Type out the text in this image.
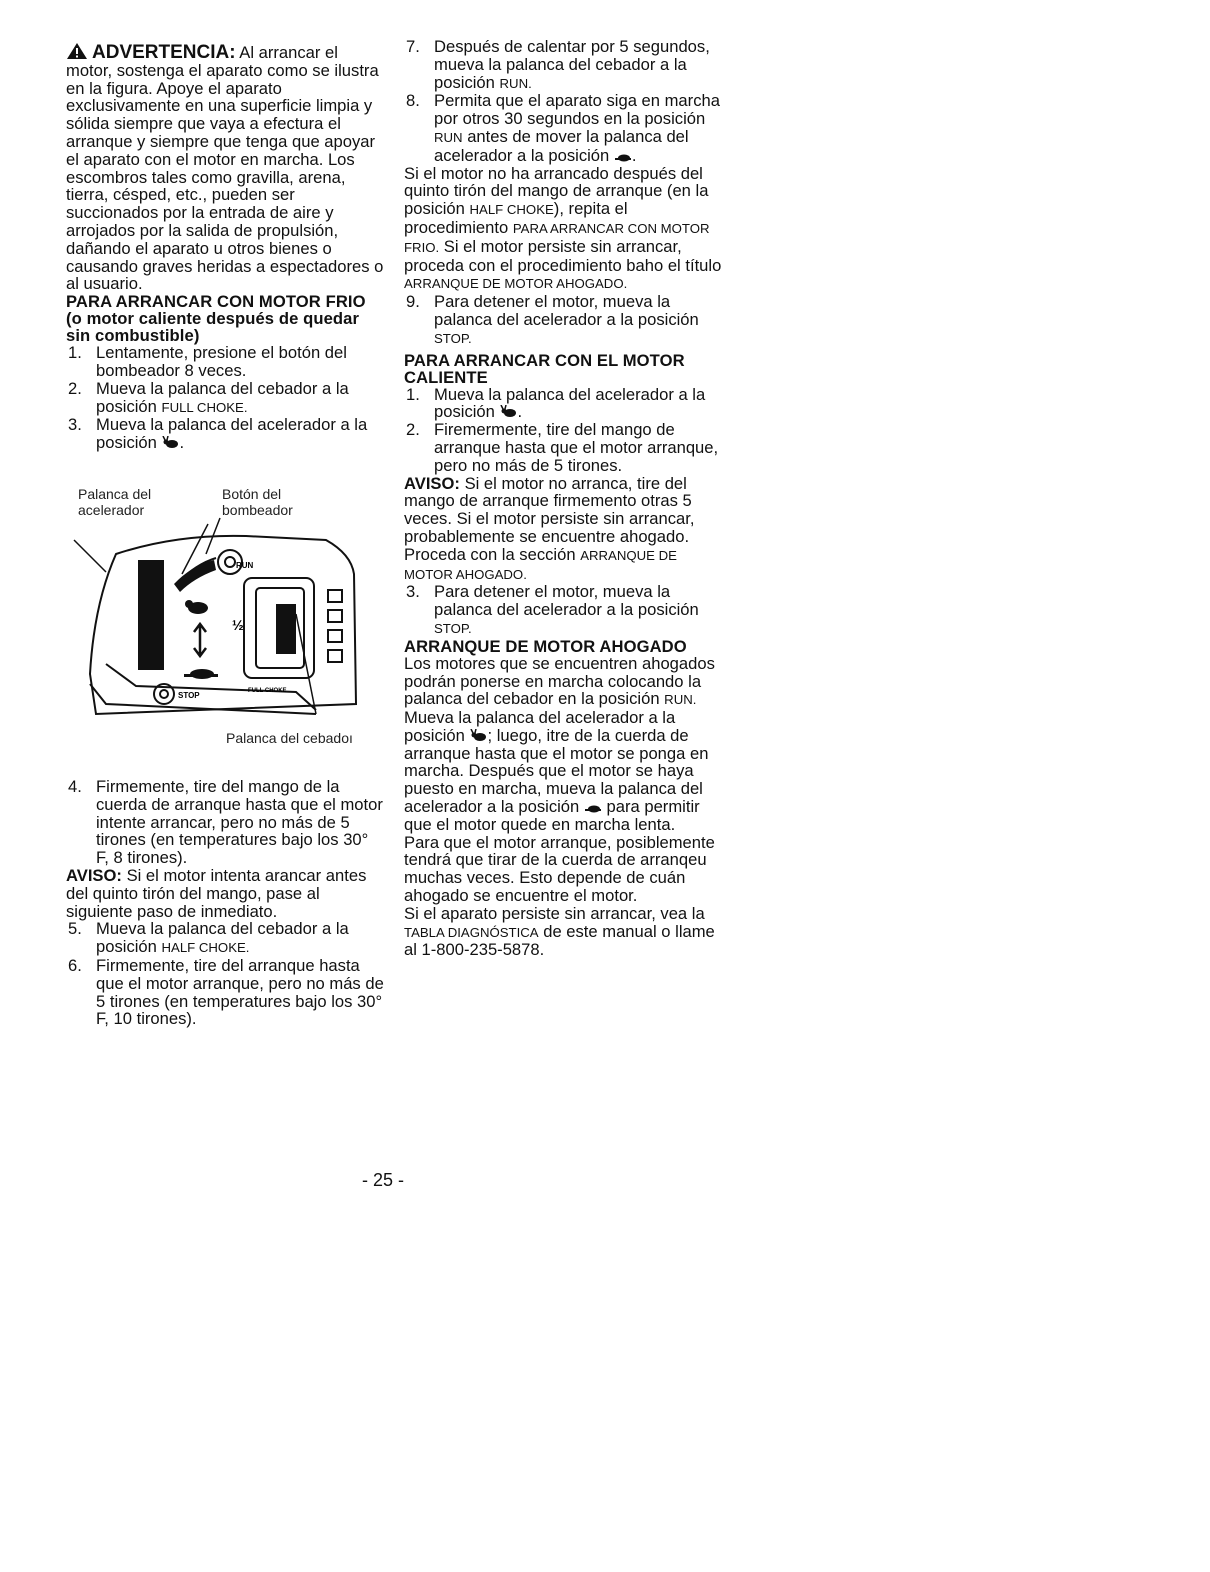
ADVERTENCIA: Al arrancar el motor, sostenga el aparato como se ilustra en la figura. Apoye el aparato exclusivamente en una superficie limpia y sólida siempre que vaya a efectura el arranque y siempre que tenga que apoyar el aparato con el motor en marcha. Los escombros tales como gravilla, arena, tierra, césped, etc., pueden ser succionados por la entrada de aire y arrojados por la salida de propulsión, dañando el aparato u otros bienes o causando graves heridas a espectadores o al usuario.

PARA ARRANCAR CON MOTOR FRIO (o motor caliente después de quedar sin combustible)
1. Lentamente, presione el botón del bombeador 8 veces.
2. Mueva la palanca del cebador a la posición FULL CHOKE.
3. Mueva la palanca del acelerador a la posición .
Palanca del
acelerador
Botón del
bombeador
RUN
STOP
½
FULL CHOKE
Palanca del cebadoı
4. Firmemente, tire del mango de la cuerda de arranque hasta que el motor intente arrancar, pero no más de 5 tirones (en temperatures bajo los 30° F, 8 tirones).

AVISO: Si el motor intenta arancar antes del quinto tirón del mango, pase al siguiente paso de inmediato.

5. Mueva la palanca del cebador a la posición HALF CHOKE.
6. Firmemente, tire del arranque hasta que el motor arranque, pero no más de 5 tirones (en temperatures bajo los 30° F, 10 tirones).
7. Después de calentar por 5 segundos, mueva la palanca del cebador a la posición RUN.
8. Permita que el aparato siga en marcha por otros 30 segundos en la posición RUN antes de mover la palanca del acelerador a la posición .

Si el motor no ha arrancado después del quinto tirón del mango de arranque (en la posición HALF CHOKE), repita el procedimiento PARA ARRANCAR CON MOTOR FRIO. Si el motor persiste sin arrancar, proceda con el procedimiento baho el título ARRANQUE DE MOTOR AHOGADO.

9. Para detener el motor, mueva la palanca del acelerador a la posición STOP.
PARA ARRANCAR CON EL MOTOR CALIENTE
1. Mueva la palanca del acelerador a la posición .
2. Firemermente, tire del mango de arranque hasta que el motor arranque, pero no más de 5 tirones.

AVISO: Si el motor no arranca, tire del mango de arranque firmemento otras 5 veces. Si el motor persiste sin arrancar, probablemente se encuentre ahogado. Proceda con la sección ARRANQUE DE MOTOR AHOGADO.

3. Para detener el motor, mueva la palanca del acelerador a la posición STOP.
ARRANQUE DE MOTOR AHOGADO

Los motores que se encuentren ahogados podrán ponerse en marcha colocando la palanca del cebador en la posición RUN. Mueva la palanca del acelerador a la posición ; luego, itre de la cuerda de arranque hasta que el motor se ponga en marcha. Después que el motor se haya puesto en marcha, mueva la palanca del acelerador a la posición para permitir que el motor quede en marcha lenta.

Para que el motor arranque, posiblemente tendrá que tirar de la cuerda de arranqeu muchas veces. Esto depende de cuán ahogado se encuentre el motor.

Si el aparato persiste sin arrancar, vea la TABLA DIAGNÓSTICA de este manual o llame al 1-800-235-5878.

- 25 -
